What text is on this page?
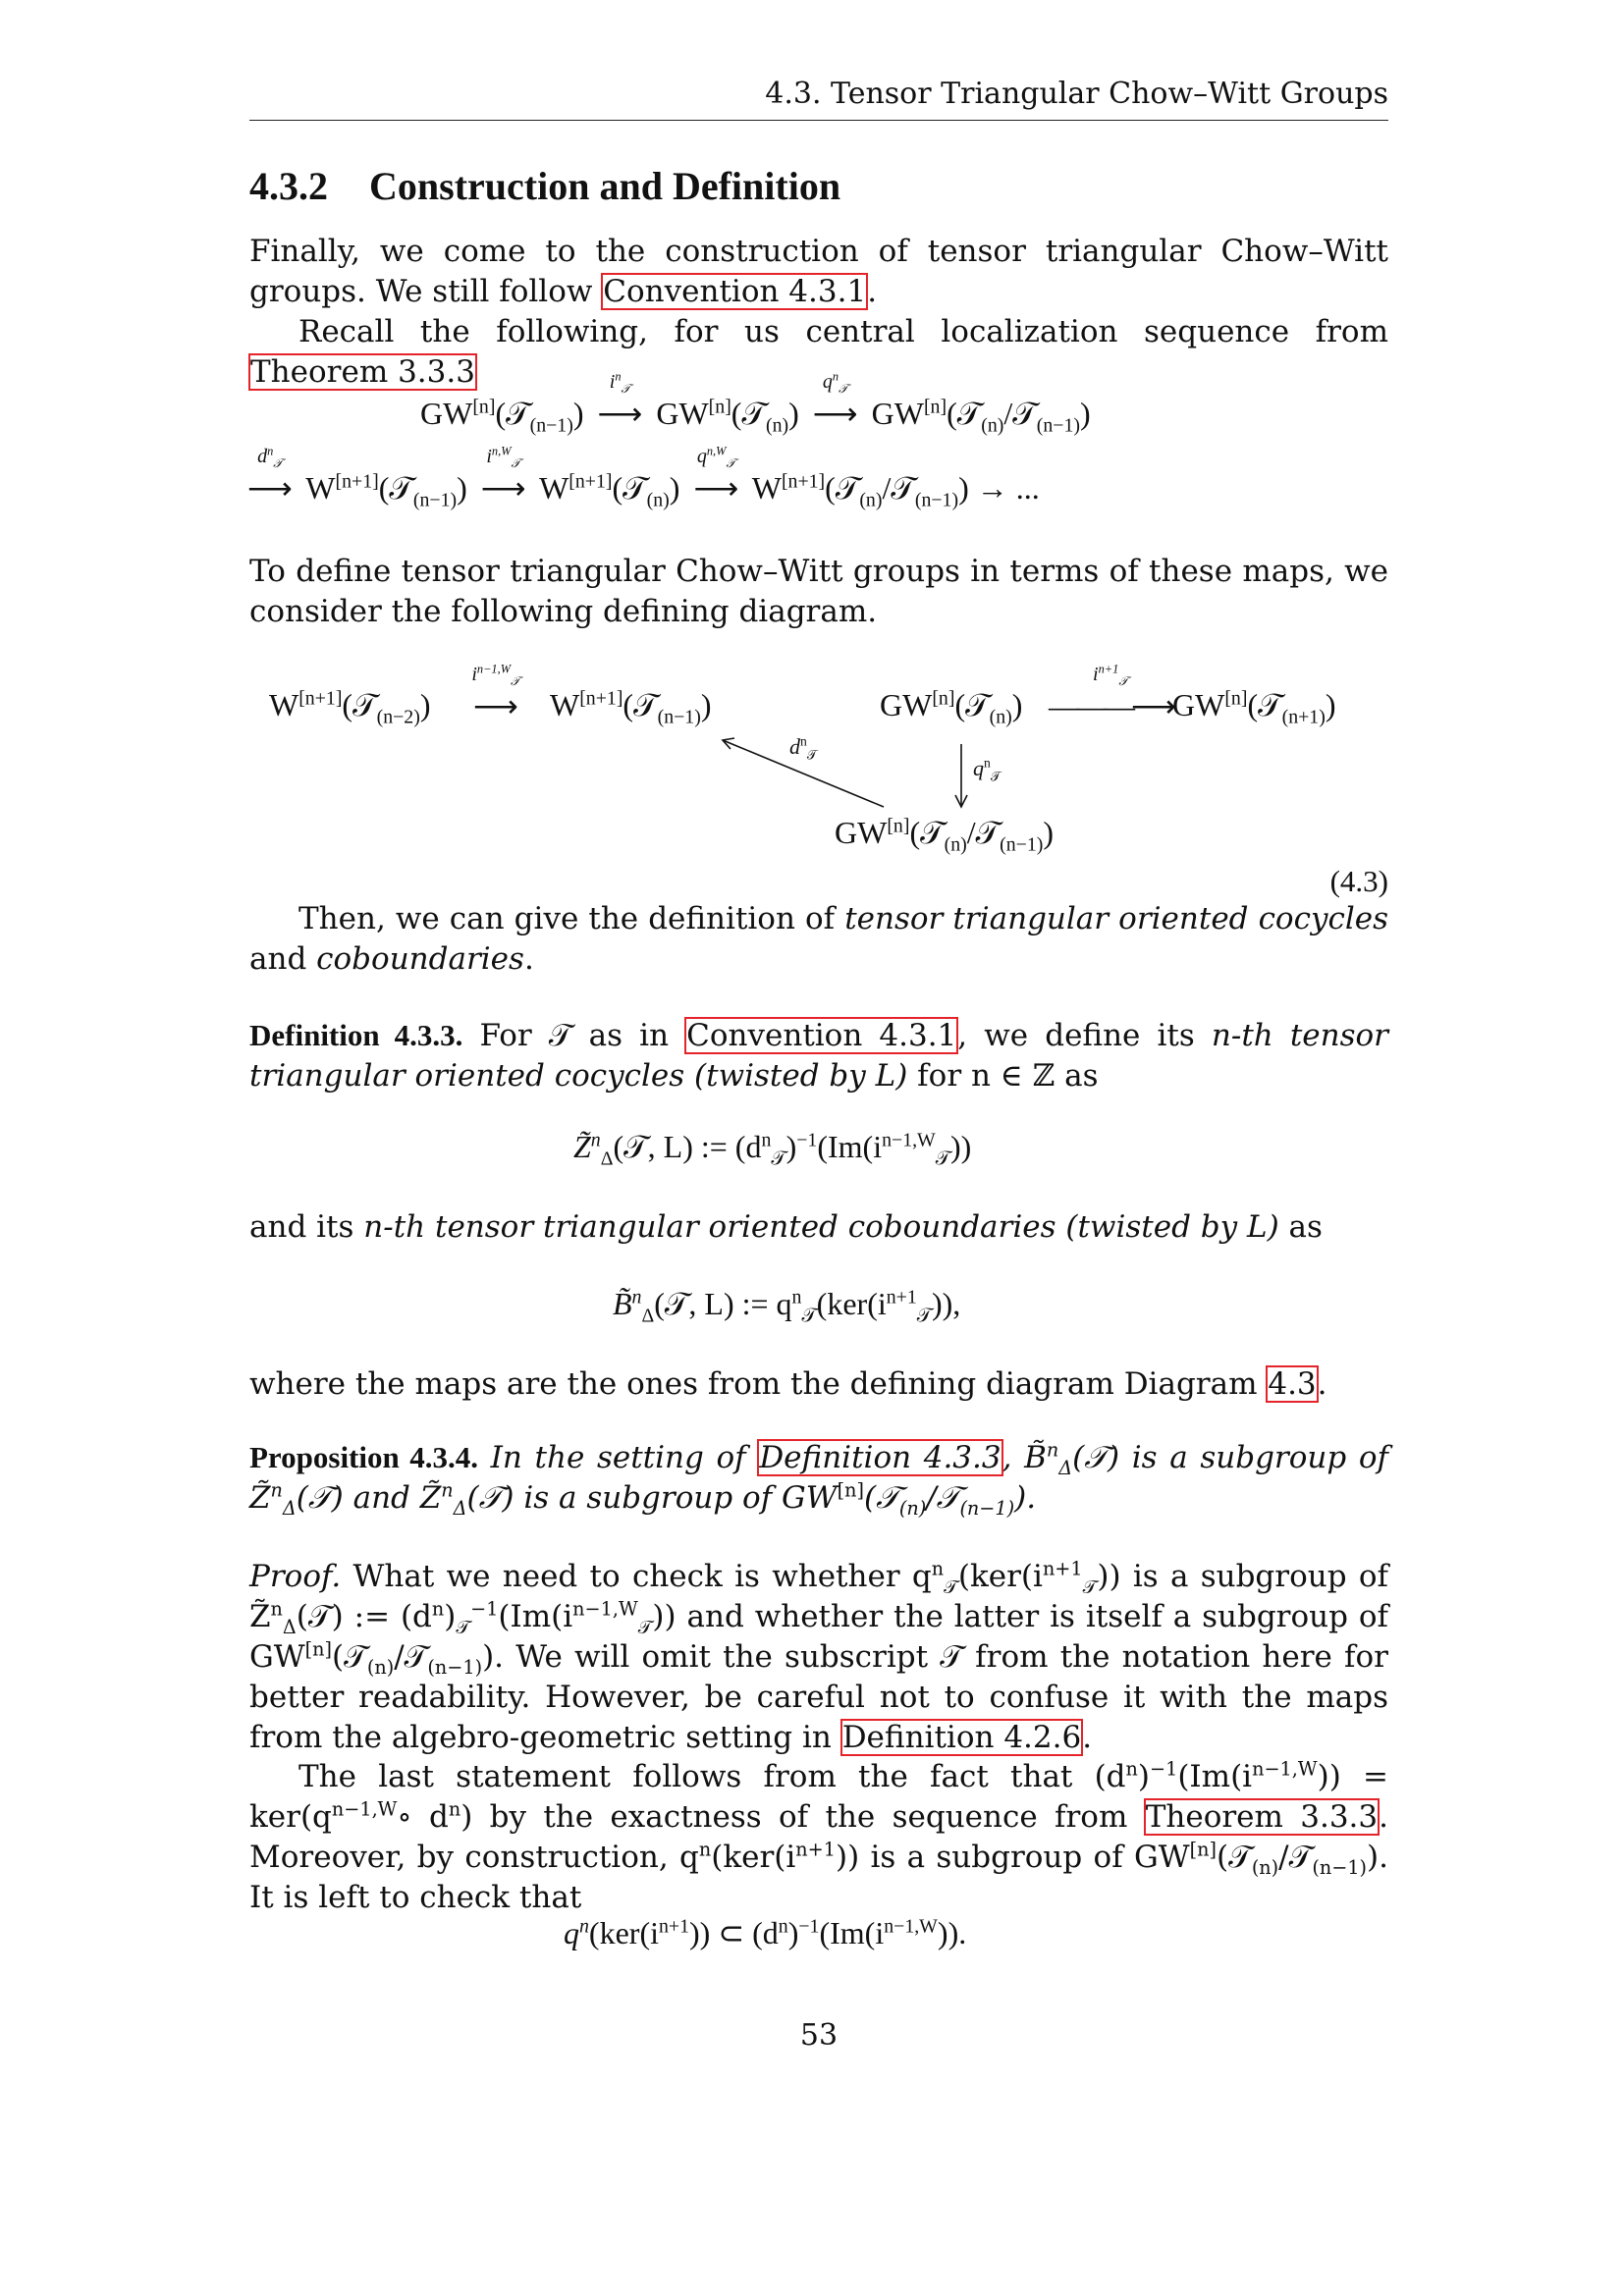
4.3. Tensor Triangular Chow–Witt Groups
4.3.2 Construction and Definition
Finally, we come to the construction of tensor triangular Chow–Witt groups. We still follow Convention 4.3.1.
Recall the following, for us central localization sequence from Theorem 3.3.3
GW[n](𝒯$_{(n-1)}$)
$i^n_𝒯$
⟶ GW[n](𝒯$_{(n)}$)
$q^n_𝒯$
⟶ GW[n](𝒯$_{(n)}$/𝒯$_{(n-1)}$)
$d^n_𝒯$
⟶ W[n+1](𝒯$_{(n-1)}$)
$i^{n,W}_𝒯$
⟶ W[n+1](𝒯$_{(n)}$)
$q^{n,W}_𝒯$
⟶ W[n+1](𝒯$_{(n)}$/𝒯$_{(n-1)}$) → ...
To define tensor triangular Chow–Witt groups in terms of these maps, we consider the following defining diagram.
W[n+1](𝒯$_{(n-2)}$)
$i^{n-1,W}_𝒯$
⟶ W[n+1](𝒯$_{(n-1)}$)	GW[n](𝒯$_{(n)}$)
$i^{n+1}_𝒯$
———⟶ GW[n](𝒯$_{(n+1)}$)
$d^n_𝒯$
$q^n_𝒯$
GW[n](𝒯$_{(n)}$/𝒯$_{(n-1)}$)
(4.3)
Then, we can give the definition of tensor triangular oriented cocycles and coboundaries.
Definition 4.3.3. For 𝒯 as in Convention 4.3.1, we define its n-th tensor triangular oriented cocycles (twisted by L) for n ∈ ℤ as
Z̃$^n_\Delta$(𝒯, L) := $(d^n_𝒯)^{-1}(Im(i^{n-1,W}_𝒯))$
and its n-th tensor triangular oriented coboundaries (twisted by L) as
B̃$^n_\Delta$(𝒯, L) := $q^n_𝒯(ker(i^{n+1}_𝒯))$,
where the maps are the ones from the defining diagram Diagram 4.3.
Proposition 4.3.4. In the setting of Definition 4.3.3, B̃$^n_\Delta$(𝒯) is a subgroup of Z̃$^n_\Delta$(𝒯) and Z̃$^n_\Delta$(𝒯) is a subgroup of GW[n](𝒯$_{(n)}$/𝒯$_{(n-1)}$).
Proof. What we need to check is whether $q^n_𝒯(ker(i^{n+1}_𝒯))$ is a subgroup of Z̃$^n_\Delta$(𝒯) := $(d^n)_𝒯^{-1}(Im(i^{n-1,W}_𝒯))$ and whether the latter is itself a subgroup of GW[n](𝒯$_{(n)}$/𝒯$_{(n-1)}$). We will omit the subscript 𝒯 from the notation here for better readability. However, be careful not to confuse it with the maps from the algebro-geometric setting in Definition 4.2.6.
The last statement follows from the fact that $(d^n)^{-1}(Im(i^{n-1,W}))$ = $ker(q^{n-1,W}\circ$ $d^n$) by the exactness of the sequence from Theorem 3.3.3. Moreover, by construction, $q^n(ker(i^{n+1}))$ is a subgroup of GW[n](𝒯$_{(n)}$/𝒯$_{(n-1)}$). It is left to check that
$q^n(ker(i^{n+1}))$ ⊂ $(d^n)^{-1}(Im(i^{n-1,W}))$.
53
